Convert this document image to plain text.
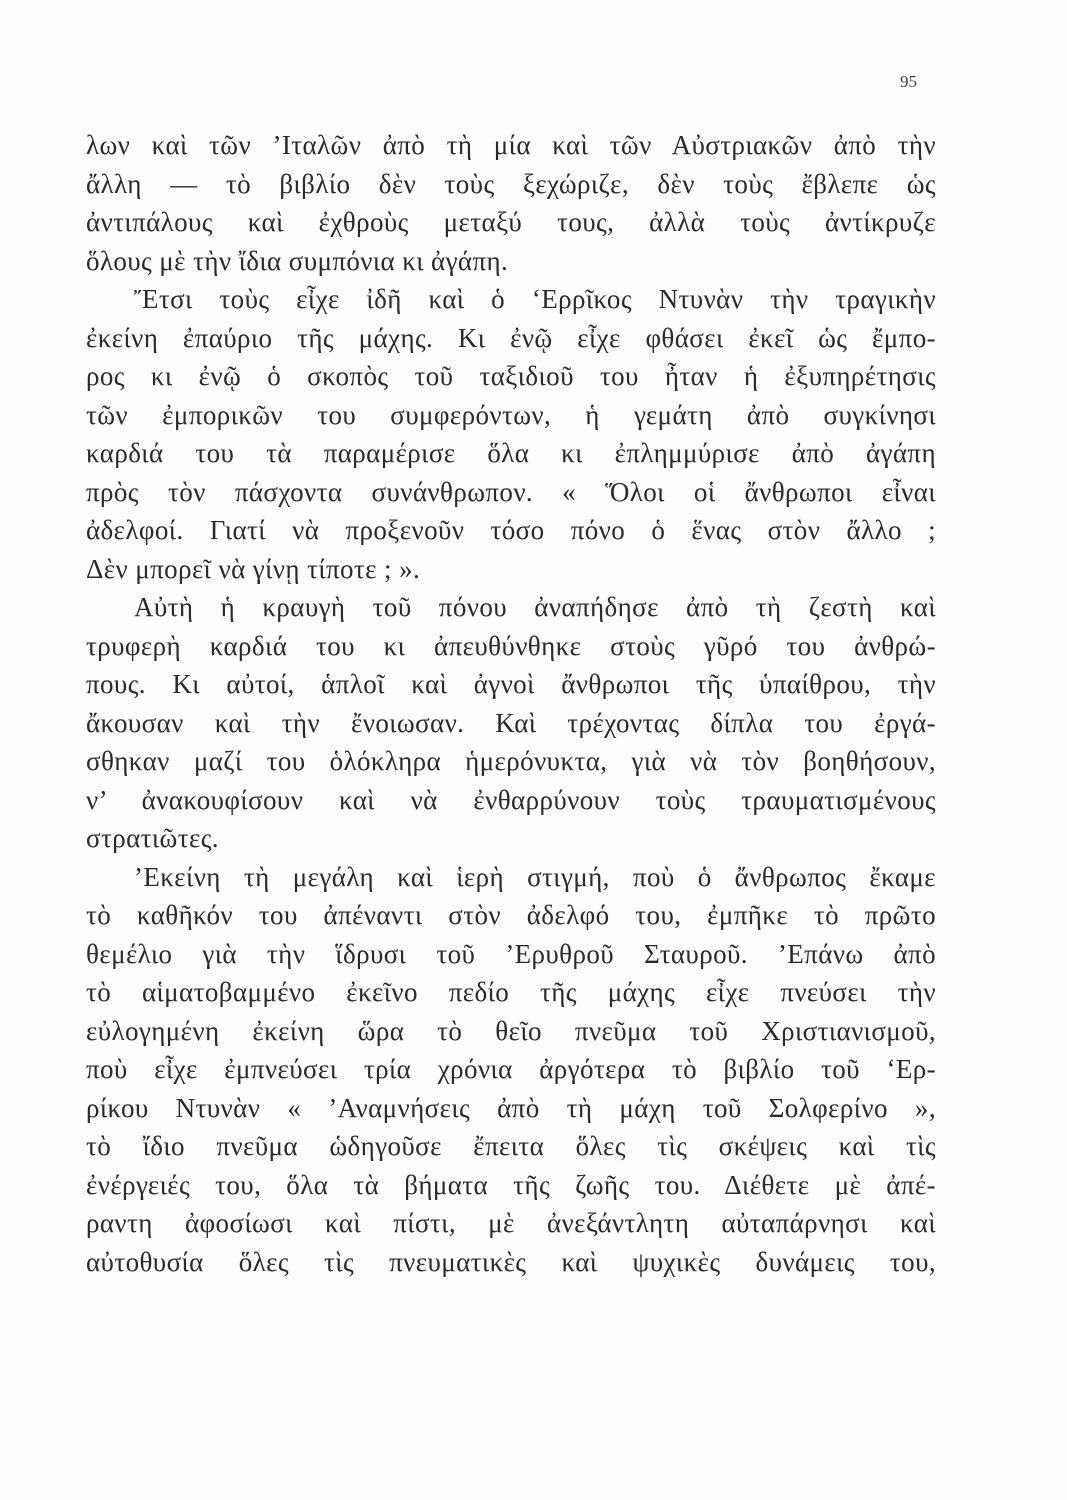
95
λων καὶ τῶν ’Ιταλῶν ἀπὸ τὴ μία καὶ τῶν Αὐστριακῶν ἀπὸ τὴν
ἄλλη — τὸ βιβλίο δὲν τοὺς ξεχώριζε, δὲν τοὺς ἔβλεπε ὡς
ἀντιπάλους καὶ ἐχθροὺς μεταξύ τους, ἀλλὰ τοὺς ἀντίκρυζε
ὅλους μὲ τὴν ἴδια συμπόνια κι ἀγάπη.
Ἔτσι τοὺς εἶχε ἰδῆ καὶ ὁ ‘Ερρῖκος Ντυνὰν τὴν τραγικὴν
ἐκείνη ἐπαύριο τῆς μάχης. Κι ἐνῷ εἶχε φθάσει ἐκεῖ ὡς ἔμπο-
ρος κι ἐνῷ ὁ σκοπὸς τοῦ ταξιδιοῦ του ἦταν ἡ ἐξυπηρέτησις
τῶν ἐμπορικῶν του συμφερόντων, ἡ γεμάτη ἀπὸ συγκίνησι
καρδιά του τὰ παραμέρισε ὅλα κι ἐπλημμύρισε ἀπὸ ἀγάπη
πρὸς τὸν πάσχοντα συνάνθρωπον. « Ὅλοι οἱ ἄνθρωποι εἶναι
ἀδελφοί. Γιατί νὰ προξενοῦν τόσο πόνο ὁ ἕνας στὸν ἄλλο ;
Δὲν μπορεῖ νὰ γίνῃ τίποτε ; ».
Αὐτὴ ἡ κραυγὴ τοῦ πόνου ἀναπήδησε ἀπὸ τὴ ζεστὴ καὶ
τρυφερὴ καρδιά του κι ἀπευθύνθηκε στοὺς γῦρό του ἀνθρώ-
πους. Κι αὐτοί, ἁπλοῖ καὶ ἀγνοὶ ἄνθρωποι τῆς ὑπαίθρου, τὴν
ἄκουσαν καὶ τὴν ἔνοιωσαν. Καὶ τρέχοντας δίπλα του ἐργά-
σθηκαν μαζί του ὁλόκληρα ἡμερόνυκτα, γιὰ νὰ τὸν βοηθήσουν,
ν’ ἀνακουφίσουν καὶ νὰ ἐνθαρρύνουν τοὺς τραυματισμένους
στρατιῶτες.
’Εκείνη τὴ μεγάλη καὶ ἱερὴ στιγμή, ποὺ ὁ ἄνθρωπος ἔκαμε
τὸ καθῆκόν του ἀπέναντι στὸν ἀδελφό του, ἐμπῆκε τὸ πρῶτο
θεμέλιο γιὰ τὴν ἵδρυσι τοῦ ’Ερυθροῦ Σταυροῦ. ’Επάνω ἀπὸ
τὸ αἱματοβαμμένο ἐκεῖνο πεδίο τῆς μάχης εἶχε πνεύσει τὴν
εὐλογημένη ἐκείνη ὥρα τὸ θεῖο πνεῦμα τοῦ Χριστιανισμοῦ,
ποὺ εἶχε ἐμπνεύσει τρία χρόνια ἀργότερα τὸ βιβλίο τοῦ ‘Ερ-
ρίκου Ντυνὰν « ’Αναμνήσεις ἀπὸ τὴ μάχη τοῦ Σολφερίνο »,
τὸ ἴδιο πνεῦμα ὡδηγοῦσε ἔπειτα ὅλες τὶς σκέψεις καὶ τὶς
ἐνέργειές του, ὅλα τὰ βήματα τῆς ζωῆς του. Διέθετε μὲ ἀπέ-
ραντη ἀφοσίωσι καὶ πίστι, μὲ ἀνεξάντλητη αὐταπάρνησι καὶ
αὐτοθυσία ὅλες τὶς πνευματικὲς καὶ ψυχικὲς δυνάμεις του,
